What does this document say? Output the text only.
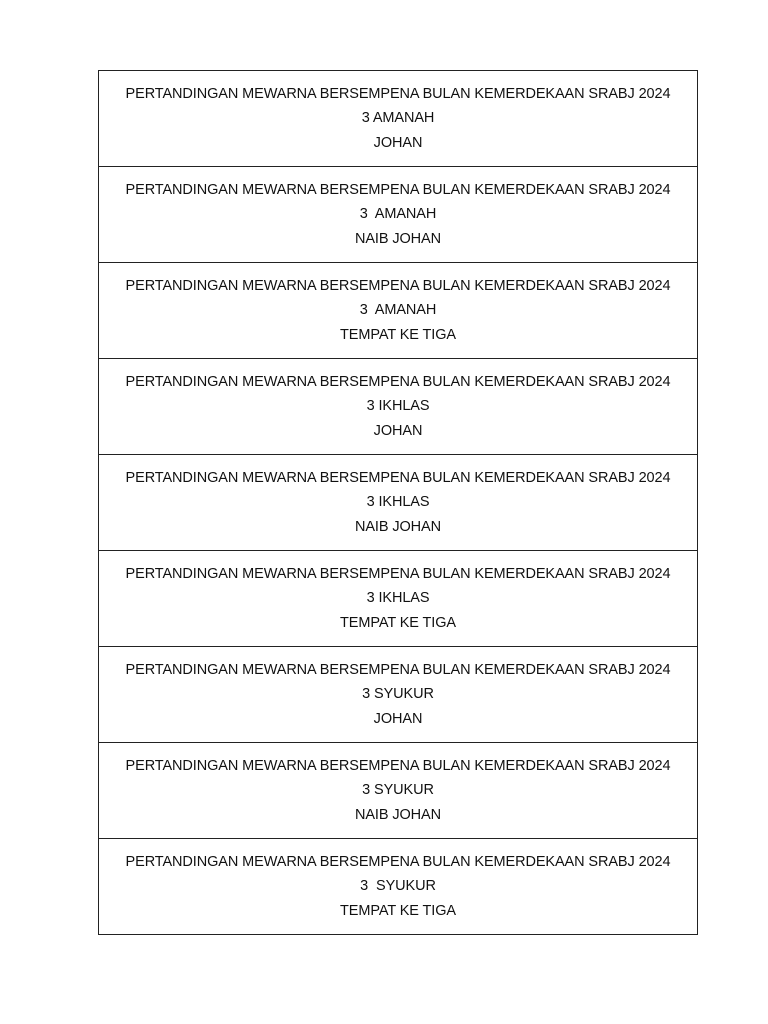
PERTANDINGAN MEWARNA BERSEMPENA BULAN KEMERDEKAAN SRABJ 2024
3 AMANAH
JOHAN
PERTANDINGAN MEWARNA BERSEMPENA BULAN KEMERDEKAAN SRABJ 2024
3  AMANAH
NAIB JOHAN
PERTANDINGAN MEWARNA BERSEMPENA BULAN KEMERDEKAAN SRABJ 2024
3  AMANAH
TEMPAT KE TIGA
PERTANDINGAN MEWARNA BERSEMPENA BULAN KEMERDEKAAN SRABJ 2024
3 IKHLAS
JOHAN
PERTANDINGAN MEWARNA BERSEMPENA BULAN KEMERDEKAAN SRABJ 2024
3 IKHLAS
NAIB JOHAN
PERTANDINGAN MEWARNA BERSEMPENA BULAN KEMERDEKAAN SRABJ 2024
3 IKHLAS
TEMPAT KE TIGA
PERTANDINGAN MEWARNA BERSEMPENA BULAN KEMERDEKAAN SRABJ 2024
3 SYUKUR
JOHAN
PERTANDINGAN MEWARNA BERSEMPENA BULAN KEMERDEKAAN SRABJ 2024
3 SYUKUR
NAIB JOHAN
PERTANDINGAN MEWARNA BERSEMPENA BULAN KEMERDEKAAN SRABJ 2024
3  SYUKUR
TEMPAT KE TIGA
